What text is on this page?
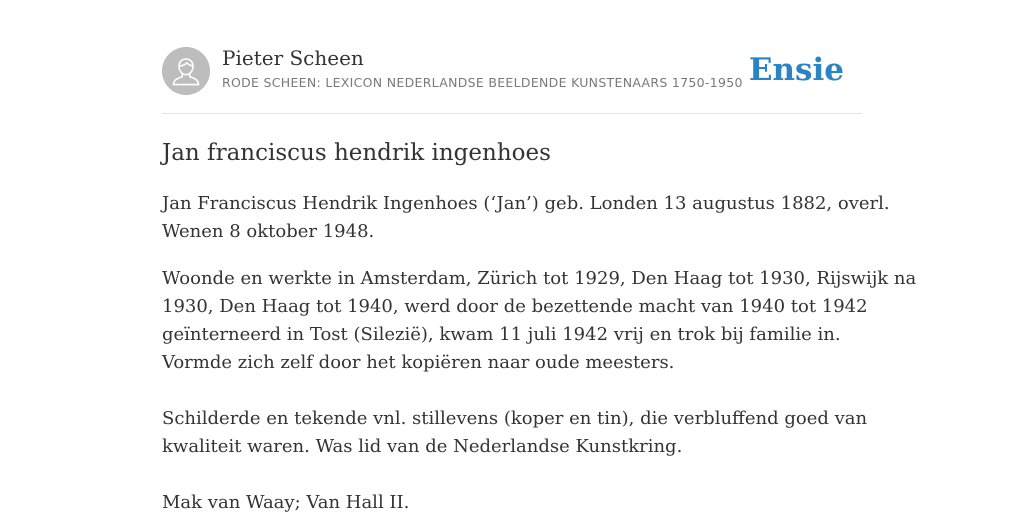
Pieter Scheen
RODE SCHEEN: LEXICON NEDERLANDSE BEELDENDE KUNSTENAARS 1750-1950 Ensie
Jan franciscus hendrik ingenhoes

Jan Franciscus Hendrik Ingenhoes (‘Jan’) geb. Londen 13 augustus 1882, overl.
Wenen 8 oktober 1948.

Woonde en werkte in Amsterdam, Zürich tot 1929, Den Haag tot 1930, Rijswijk na
1930, Den Haag tot 1940, werd door de bezettende macht van 1940 tot 1942
geïnterneerd in Tost (Silezië), kwam 11 juli 1942 vrij en trok bij familie in.
Vormde zich zelf door het kopiëren naar oude meesters.

Schilderde en tekende vnl. stillevens (koper en tin), die verbluffend goed van
kwaliteit waren. Was lid van de Nederlandse Kunstkring.

Mak van Waay; Van Hall II.
